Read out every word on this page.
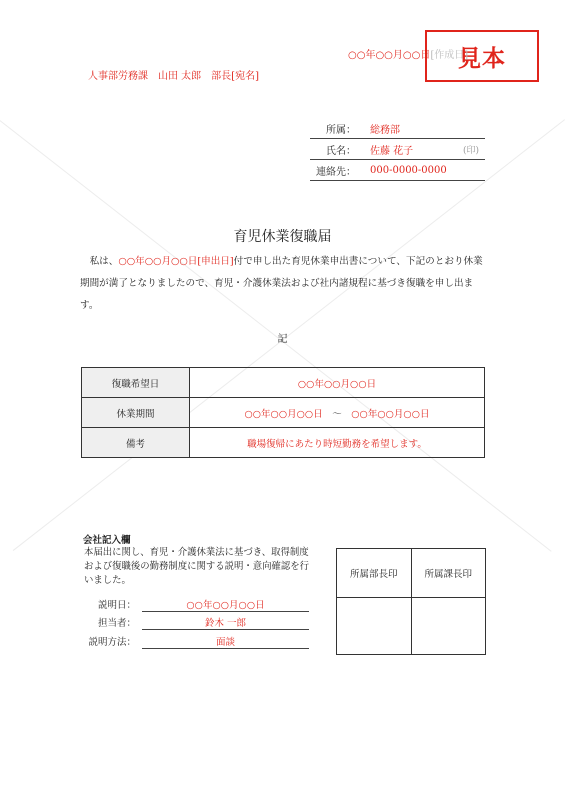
見本
○○年○○月○○日[作成日]
人事部労務課　山田 太郎　部長[宛名]
所属：	総務部
氏名：	佐藤 花子	(印)
連絡先：	000-0000-0000
育児休業復職届
私は、○○年○○月○○日[申出日]付で申し出た育児休業申出書について、下記のとおり休業期間が満了となりましたので、育児・介護休業法および社内諸規程に基づき復職を申し出ます。
記
復職希望日	○○年○○月○○日
休業期間	○○年○○月○○日　 ～　 ○○年○○月○○日
備考	職場復帰にあたり時短勤務を希望します。
会社記入欄
本届出に関し、育児・介護休業法に基づき、取得制度および復職後の勤務制度に関する説明・意向確認を行いました。
説明日：	○○年○○月○○日
担当者：	鈴木 一郎
説明方法：	面談
所属部長印	所属課長印
